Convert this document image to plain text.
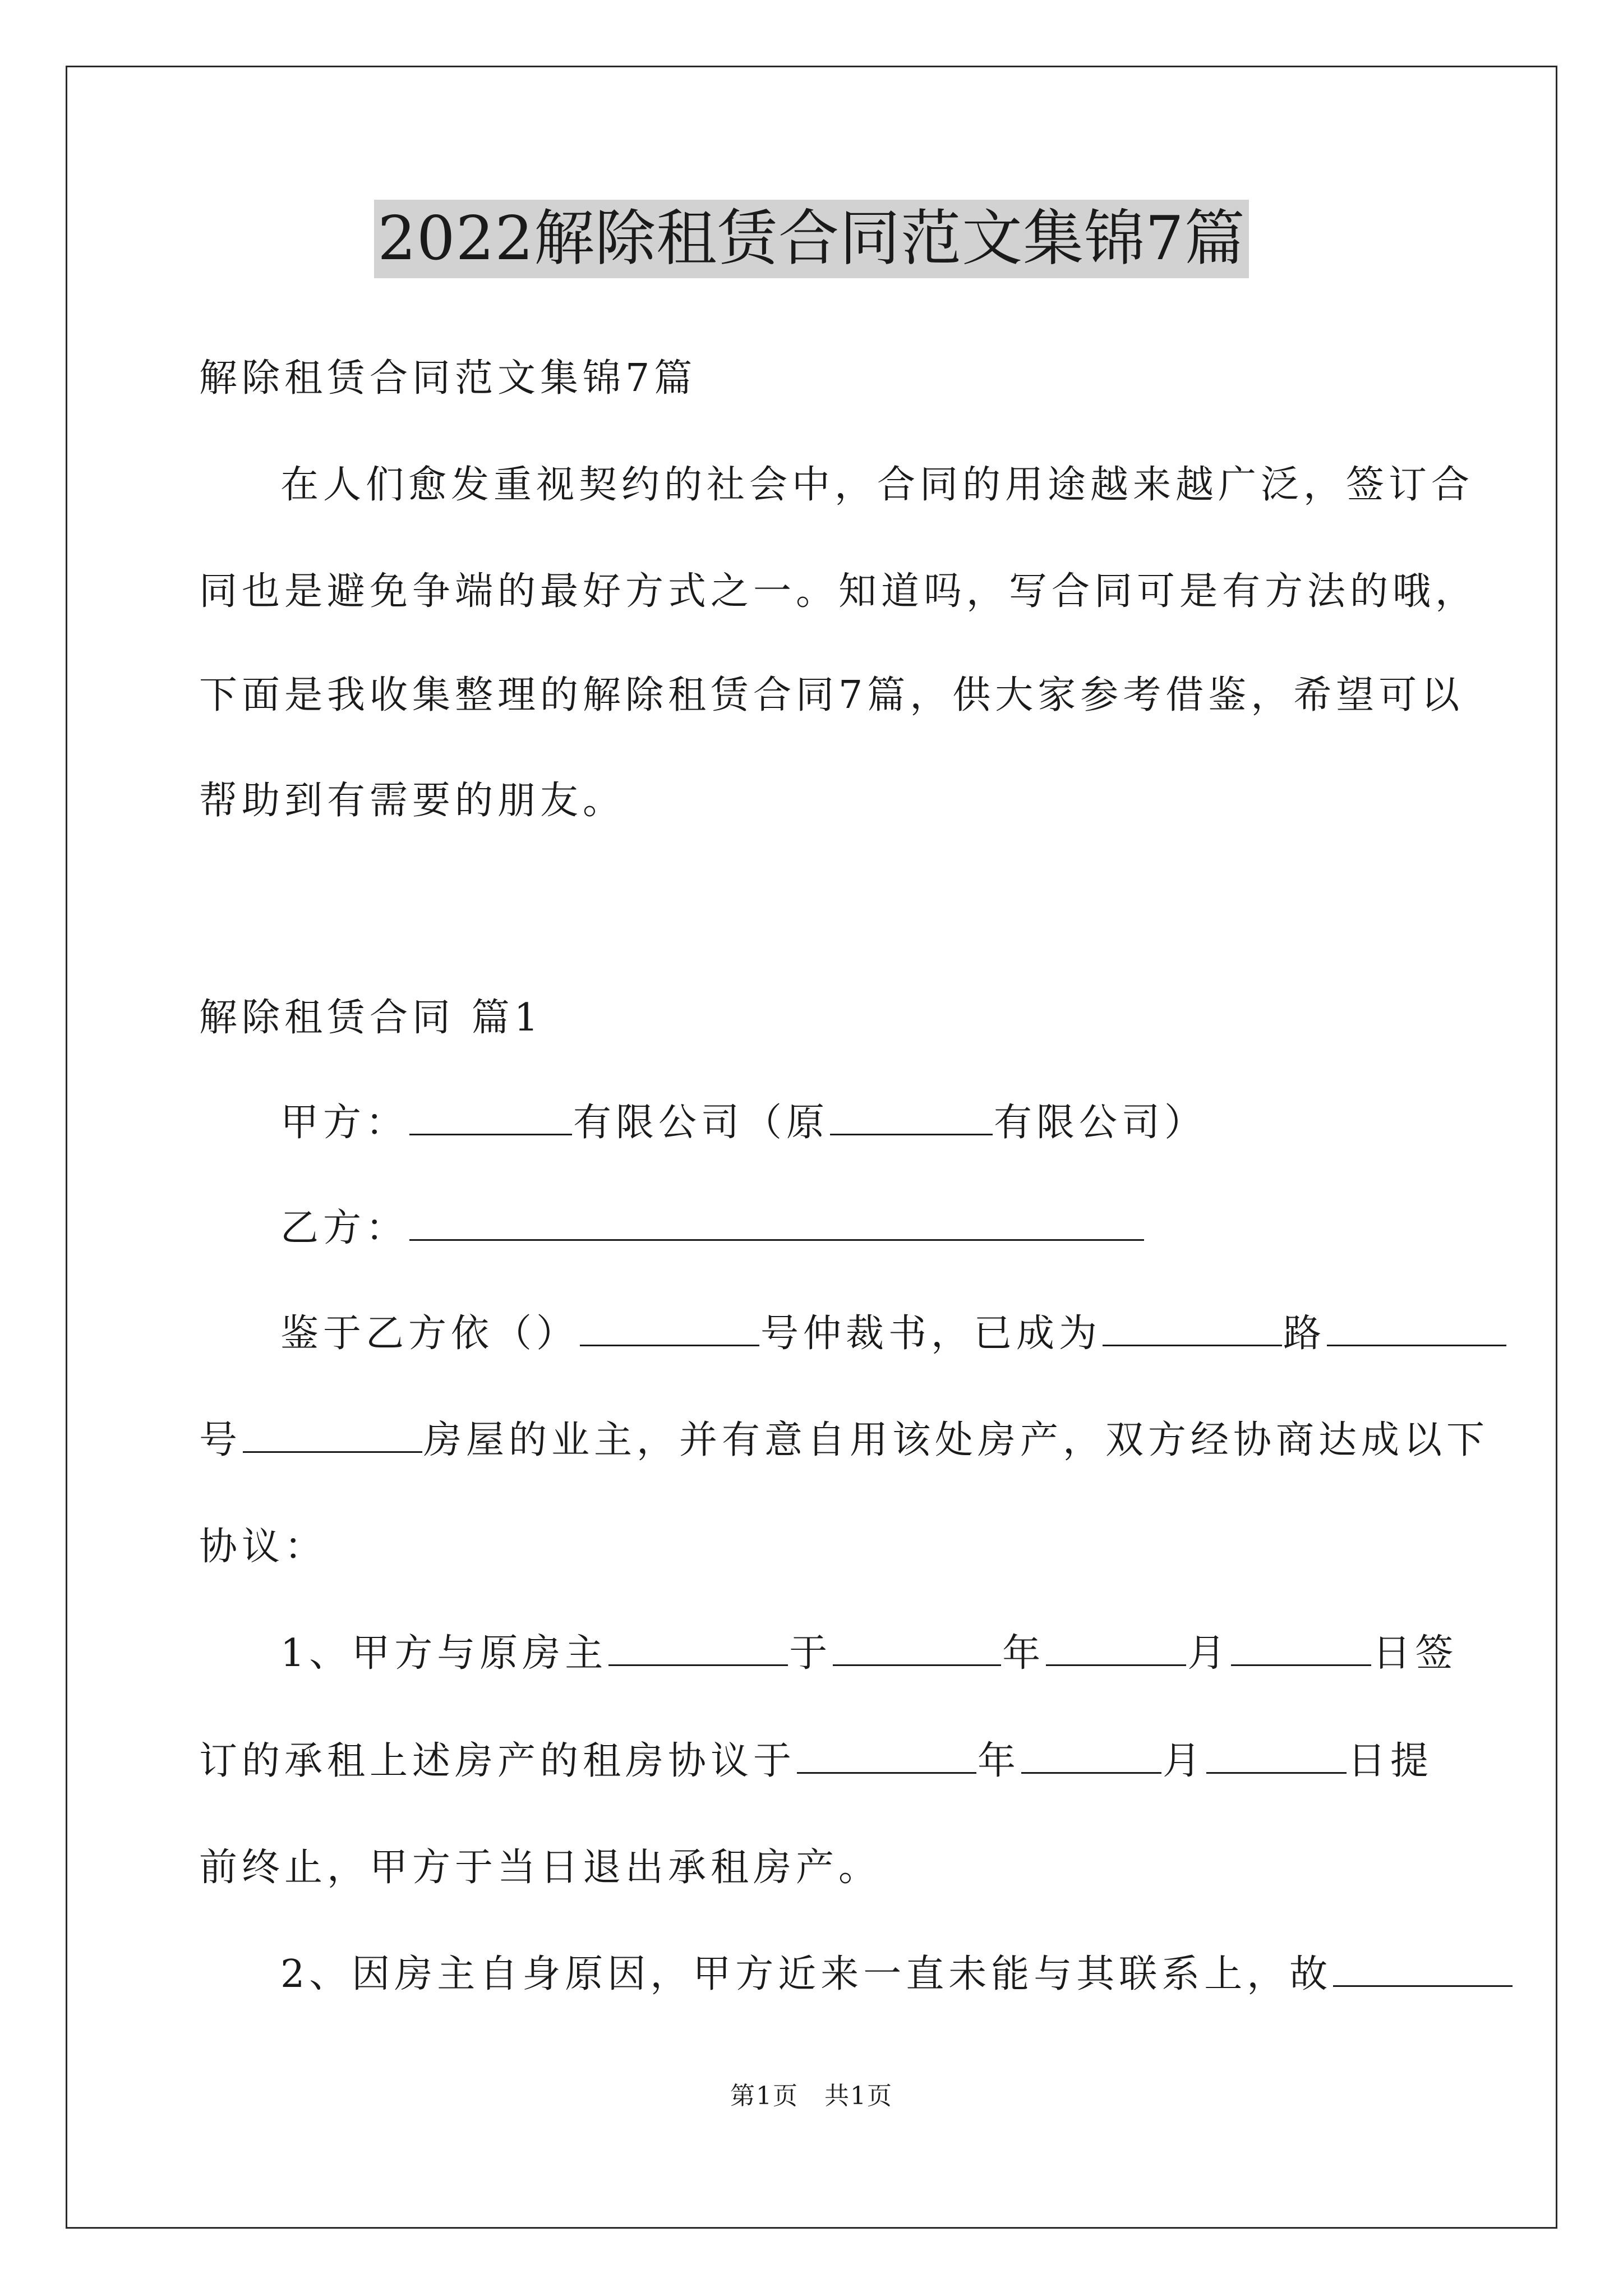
2022解除租赁合同范文集锦7篇
解除租赁合同范文集锦7篇
在人们愈发重视契约的社会中，合同的用途越来越广泛，签订合
同也是避免争端的最好方式之一。知道吗，写合同可是有方法的哦，
下面是我收集整理的解除租赁合同7篇，供大家参考借鉴，希望可以
帮助到有需要的朋友。
解除租赁合同 篇1
甲方：	有限公司（原	有限公司）
乙方：
鉴于乙方依（）	号仲裁书，已成为	路
号	房屋的业主，并有意自用该处房产，双方经协商达成以下
协议：
1、甲方与原房主	于	年	月	日签
订的承租上述房产的租房协议于	年	月	日提
前终止，甲方于当日退出承租房产。
2、因房主自身原因，甲方近来一直未能与其联系上，故
第1页　共1页
